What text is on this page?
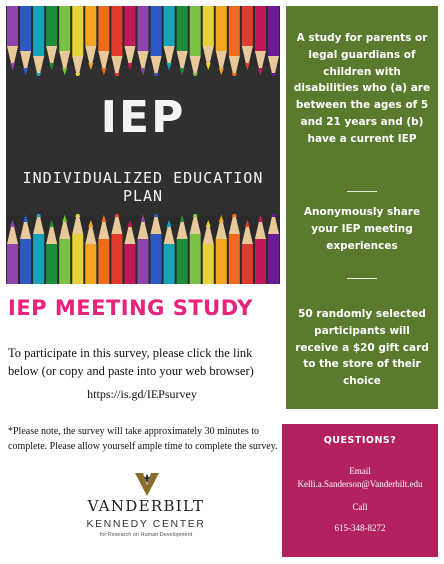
IEP
INDIVIDUALIZED EDUCATION PLAN
IEP MEETING STUDY
To participate in this survey, please click the link below (or copy and paste into your web browser)
https://is.gd/IEPsurvey
*Please note, the survey will take approximately 30 minutes to complete. Please allow yourself ample time to complete the survey.
VANDERBILT
KENNEDY CENTER
for Research on Human Development
A study for parents or legal guardians of children with disabilities who (a) are between the ages of 5 and 21 years and (b) have a current IEP
Anonymously share your IEP meeting experiences
50 randomly selected participants will receive a $20 gift card to the store of their choice
QUESTIONS?
Email
Kelli.a.Sanderson@Vanderbilt.edu
Call
615-348-8272
